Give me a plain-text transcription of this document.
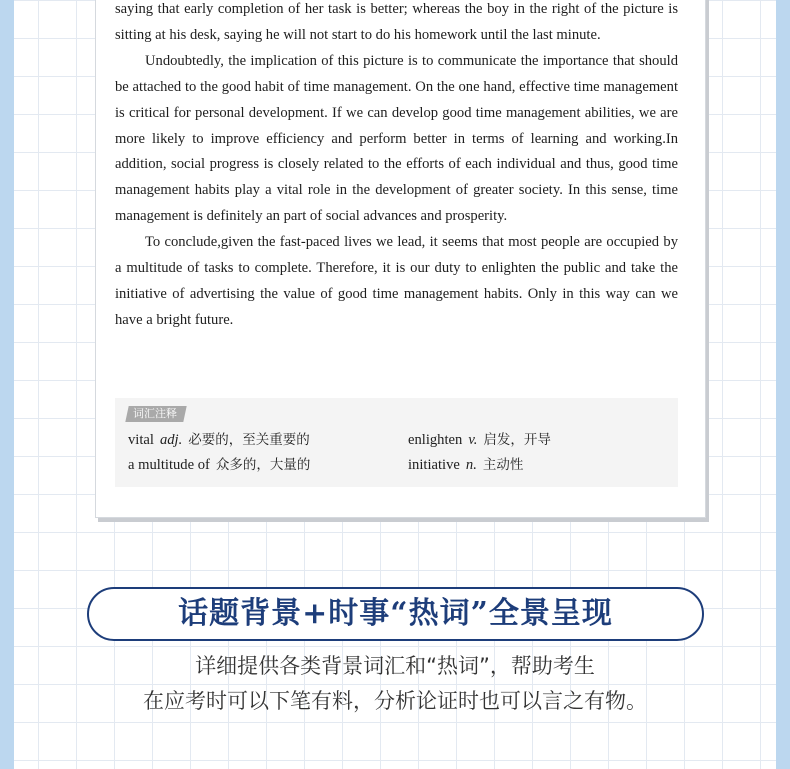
saying that early completion of her task is better; whereas the boy in the right of the picture is sitting at his desk, saying he will not start to do his homework until the last minute.

Undoubtedly, the implication of this picture is to communicate the importance that should be attached to the good habit of time management. On the one hand, effective time management is critical for personal development. If we can develop good time management abilities, we are more likely to improve efficiency and perform better in terms of learning and working.In addition, social progress is closely related to the efforts of each individual and thus, good time management habits play a vital role in the development of greater society. In this sense, time management is definitely an part of social advances and prosperity.

To conclude,given the fast-paced lives we lead, it seems that most people are occupied by a multitude of tasks to complete. Therefore, it is our duty to enlighten the public and take the initiative of advertising the value of good time management habits. Only in this way can we have a bright future.

词汇注释
vital adj. 必要的，至关重要的	enlighten v. 启发，开导
a multitude of 众多的，大量的	initiative n. 主动性
话题背景+时事“热词”全景呈现
详细提供各类背景词汇和“热词”，帮助考生
在应考时可以下笔有料，分析论证时也可以言之有物。
